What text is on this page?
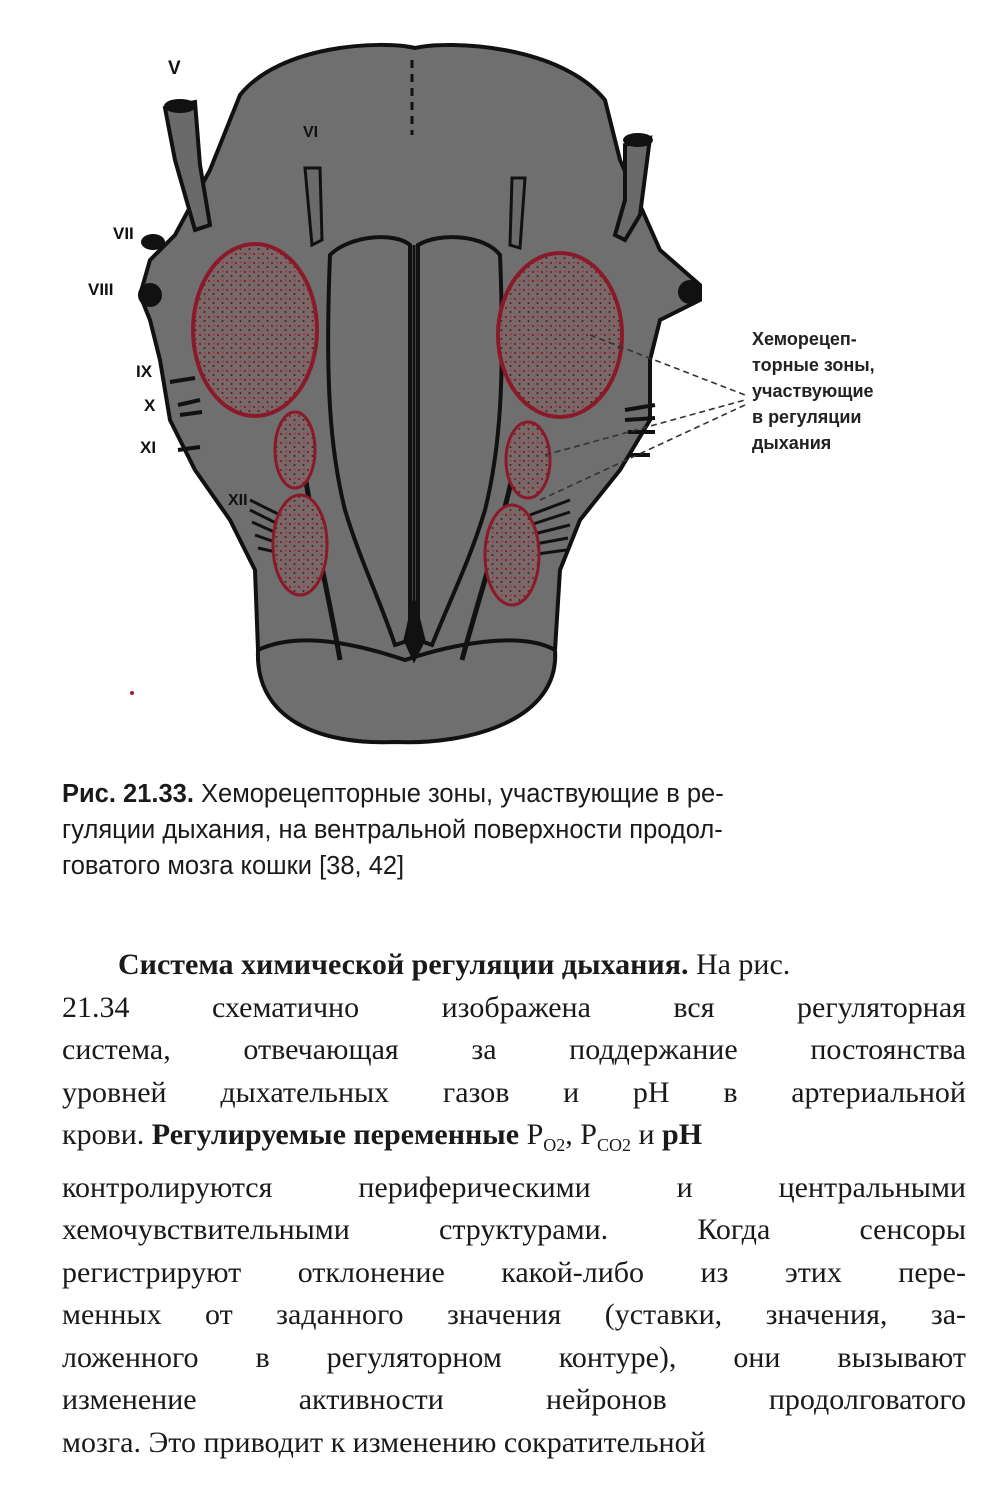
V
VI
VII
VIII
IX
X
XI
XII
Хеморецеп-
торные зоны,
участвующие
в регуляции
дыхания
Рис. 21.33. Хеморецепторные зоны, участвующие в ре-
гуляции дыхания, на вентральной поверхности продол-
говатого мозга кошки [38, 42]
Система химической регуляции дыхания. На рис.
21.34	схематично	изображена	вся	регуляторная
система, отвечающая за поддержание постоянства
уровней дыхательных газов и pH в артериальной
крови. Регулируемые переменные $P_{O2}$, $P_{CO2}$ и pH
контролируются	периферическими	и	центральными
хемочувствительными	структурами.	Когда	сенсоры
регистрируют отклонение какой-либо из этих пере-
менных от заданного значения (уставки, значения, за-
ложенного в регуляторном контуре), они вызывают
изменение	активности	нейронов	продолговатого
мозга. Это приводит к изменению сократительной
